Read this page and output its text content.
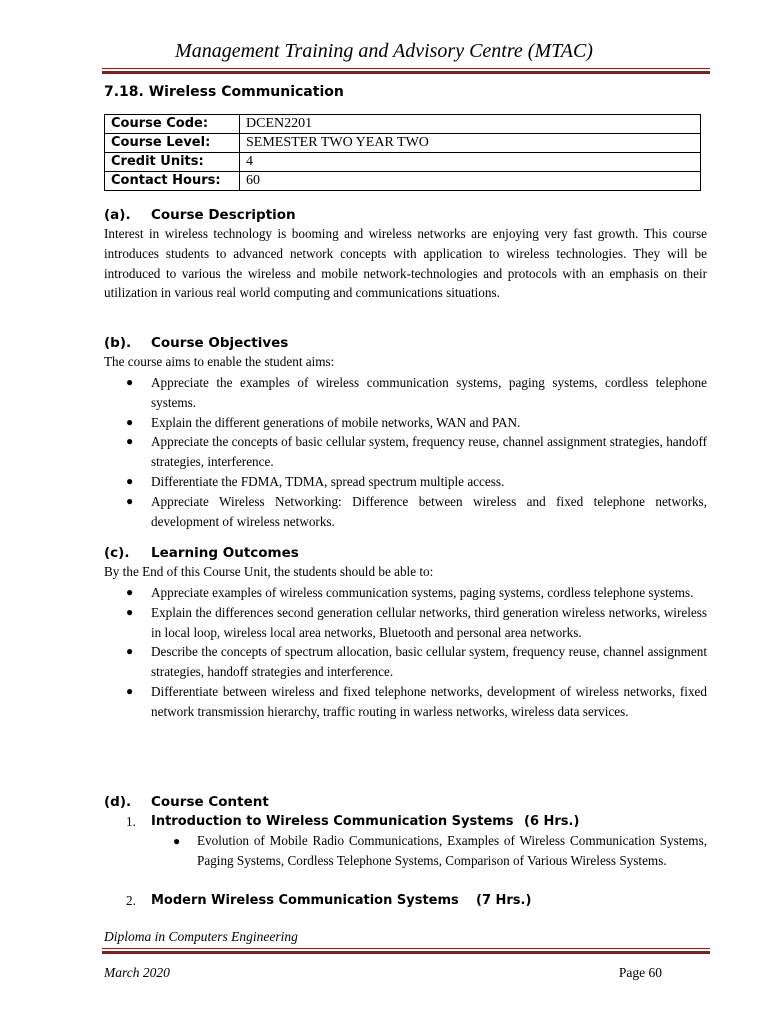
Management Training and Advisory Centre (MTAC)
7.18. Wireless Communication
Course Code:	DCEN2201
Course Level:	SEMESTER TWO YEAR TWO
Credit Units:	4
Contact Hours:	60
(a). Course Description
Interest in wireless technology is booming and wireless networks are enjoying very fast growth. This course introduces students to advanced network concepts with application to wireless technologies. They will be introduced to various the wireless and mobile network-technologies and protocols with an emphasis on their utilization in various real world computing and communications situations.
(b). Course Objectives
The course aims to enable the student aims:
● Appreciate the examples of wireless communication systems, paging systems, cordless telephone systems.
● Explain the different generations of mobile networks, WAN and PAN.
● Appreciate the concepts of basic cellular system, frequency reuse, channel assignment strategies, handoff strategies, interference.
● Differentiate the FDMA, TDMA, spread spectrum multiple access.
● Appreciate Wireless Networking: Difference between wireless and fixed telephone networks, development of wireless networks.
(c). Learning Outcomes
By the End of this Course Unit, the students should be able to:
● Appreciate examples of wireless communication systems, paging systems, cordless telephone systems.
● Explain the differences second generation cellular networks, third generation wireless networks, wireless in local loop, wireless local area networks, Bluetooth and personal area networks.
● Describe the concepts of spectrum allocation, basic cellular system, frequency reuse, channel assignment strategies, handoff strategies and interference.
● Differentiate between wireless and fixed telephone networks, development of wireless networks, fixed network transmission hierarchy, traffic routing in warless networks, wireless data services.
(d). Course Content
1. Introduction to Wireless Communication Systems (6 Hrs.)
● Evolution of Mobile Radio Communications, Examples of Wireless Communication Systems, Paging Systems, Cordless Telephone Systems, Comparison of Various Wireless Systems.
2. Modern Wireless Communication Systems (7 Hrs.)
Diploma in Computers Engineering
March 2020	Page 60
